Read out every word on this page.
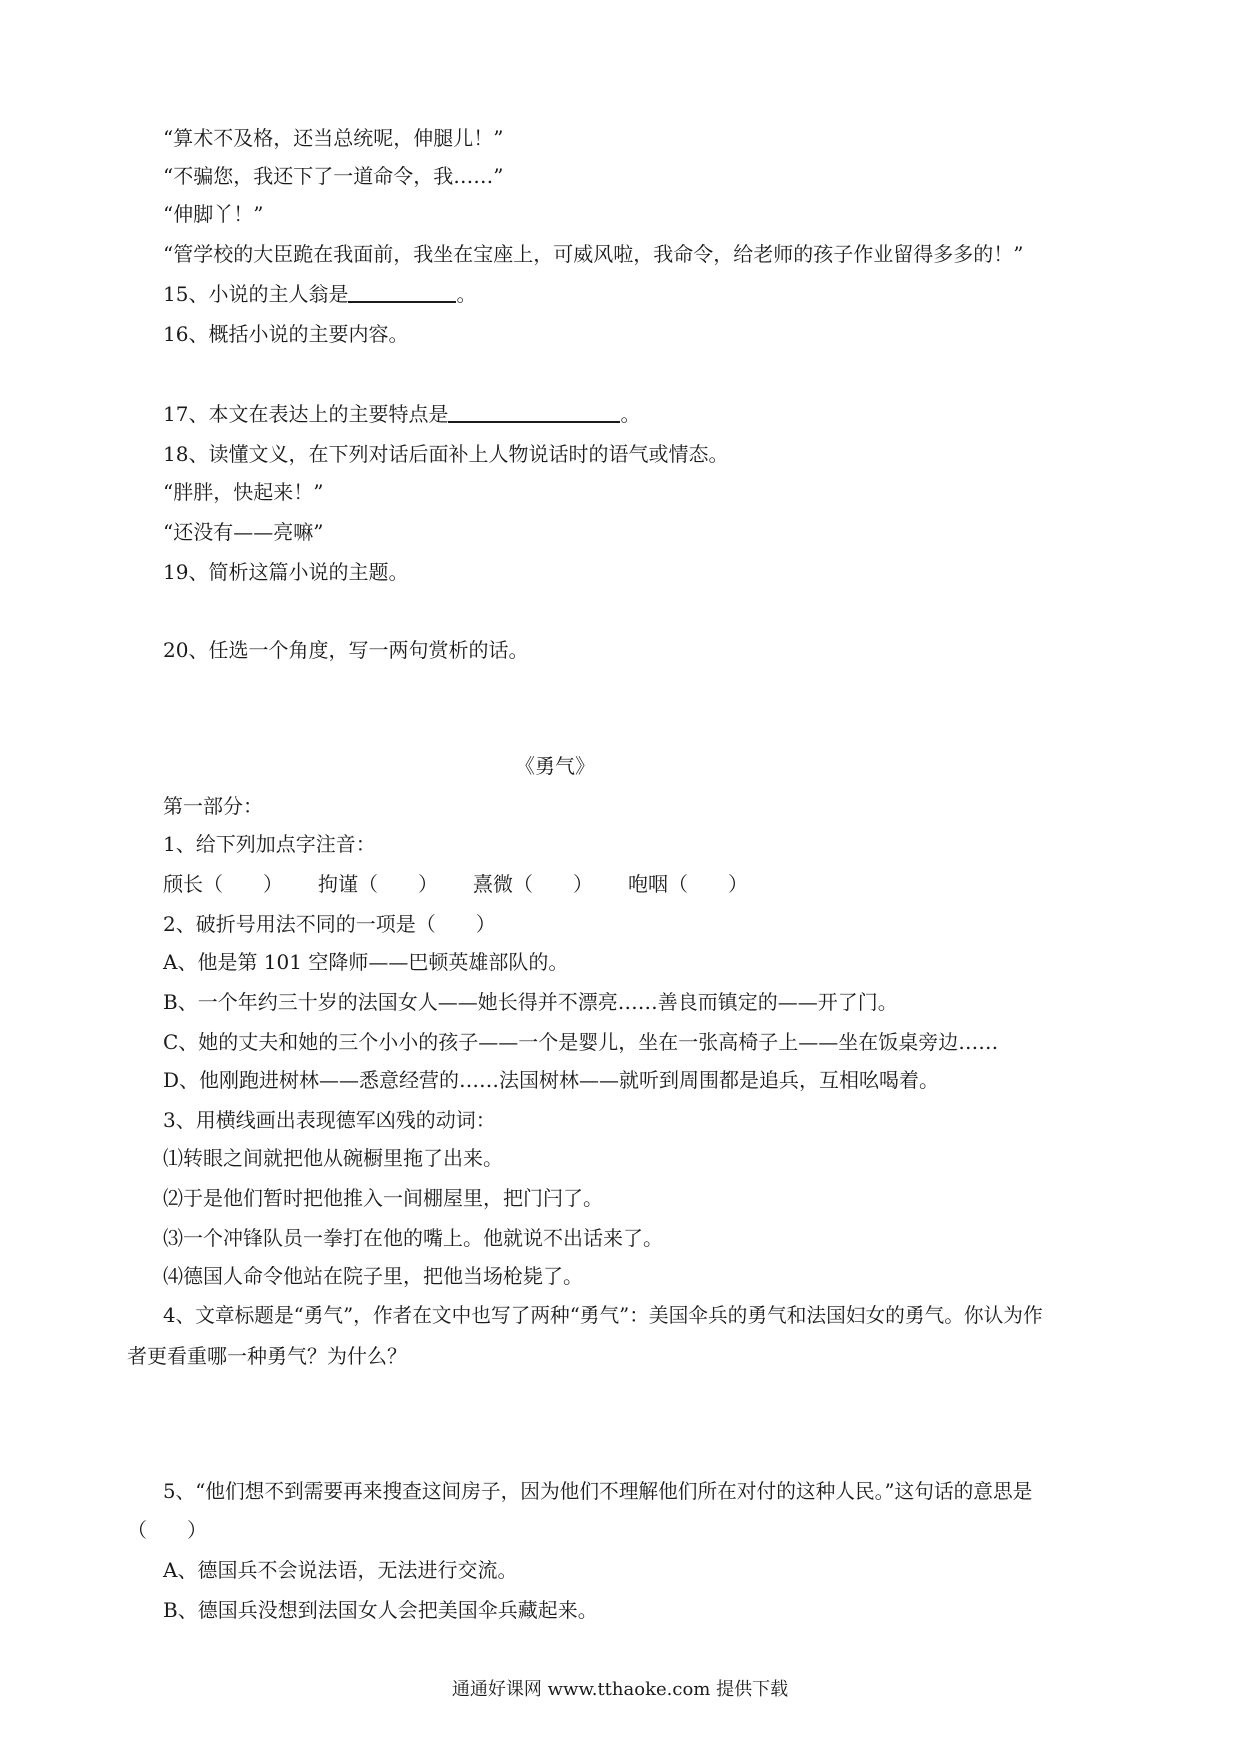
“算术不及格，还当总统呢，伸腿儿！”
“不骗您，我还下了一道命令，我……”
“伸脚丫！”
“管学校的大臣跪在我面前，我坐在宝座上，可威风啦，我命令，给老师的孩子作业留得多多的！”
15、小说的主人翁是	。
16、概括小说的主要内容。
17、本文在表达上的主要特点是	。
18、读懂文义，在下列对话后面补上人物说话时的语气或情态。
“胖胖，快起来！”
“还没有——亮嘛”
19、简析这篇小说的主题。
20、任选一个角度，写一两句赏析的话。
《勇气》
第一部分：
1、给下列加点字注音：
颀长（　　） 拘谨（　　） 熹微（　　） 咆咽（　　）
2、破折号用法不同的一项是（　　）
A、他是第 101 空降师——巴顿英雄部队的。
B、一个年约三十岁的法国女人——她长得并不漂亮……善良而镇定的——开了门。
C、她的丈夫和她的三个小小的孩子——一个是婴儿，坐在一张高椅子上——坐在饭桌旁边……
D、他刚跑进树林——悉意经营的……法国树林——就听到周围都是追兵，互相吆喝着。
3、用横线画出表现德军凶残的动词：
⑴转眼之间就把他从碗橱里拖了出来。
⑵于是他们暂时把他推入一间棚屋里，把门闩了。
⑶一个冲锋队员一拳打在他的嘴上。他就说不出话来了。
⑷德国人命令他站在院子里，把他当场枪毙了。
4、文章标题是“勇气”，作者在文中也写了两种“勇气”：美国伞兵的勇气和法国妇女的勇气。你认为作
者更看重哪一种勇气？为什么？
5、“他们想不到需要再来搜查这间房子，因为他们不理解他们所在对付的这种人民。”这句话的意思是
（　　）
A、德国兵不会说法语，无法进行交流。
B、德国兵没想到法国女人会把美国伞兵藏起来。
通通好课网 www.tthaoke.com 提供下载
